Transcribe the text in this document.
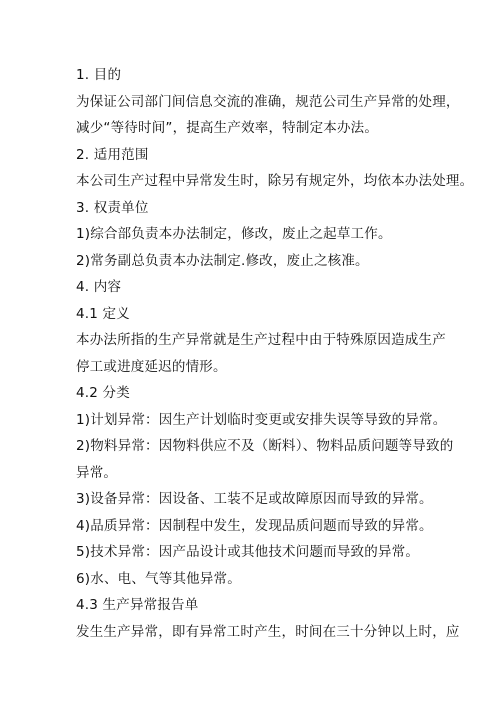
1. 目的
为保证公司部门间信息交流的准确，规范公司生产异常的处理，
减少“等待时间”，提高生产效率，特制定本办法。
2. 适用范围
本公司生产过程中异常发生时，除另有规定外，均依本办法处理。
3. 权责单位
1)综合部负责本办法制定，修改，废止之起草工作。
2)常务副总负责本办法制定.修改，废止之核准。
4. 内容
4.1 定义
本办法所指的生产异常就是生产过程中由于特殊原因造成生产
停工或进度延迟的情形。
4.2 分类
1)计划异常：因生产计划临时变更或安排失误等导致的异常。
2)物料异常：因物料供应不及（断料）、物料品质问题等导致的
异常。
3)设备异常：因设备、工装不足或故障原因而导致的异常。
4)品质异常：因制程中发生，发现品质问题而导致的异常。
5)技术异常：因产品设计或其他技术问题而导致的异常。
6)水、电、气等其他异常。
4.3 生产异常报告单
发生生产异常，即有异常工时产生，时间在三十分钟以上时，应
